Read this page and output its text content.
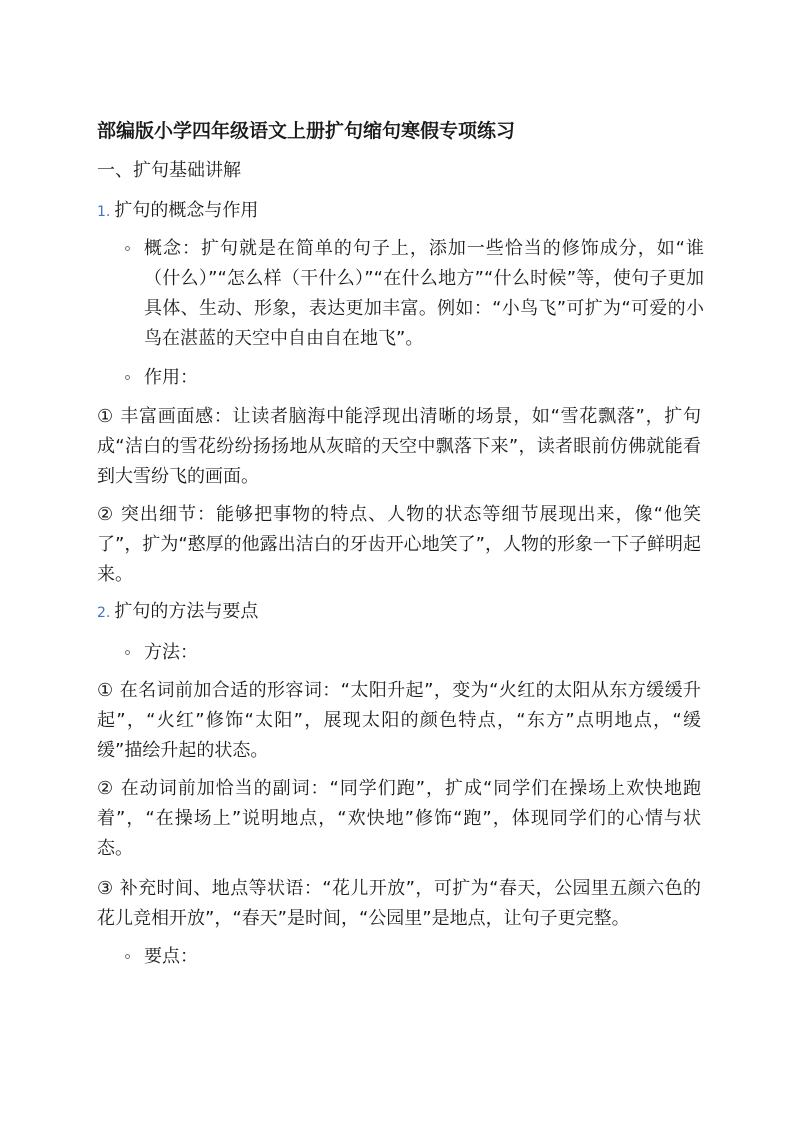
部编版小学四年级语文上册扩句缩句寒假专项练习
一、扩句基础讲解
1. 扩句的概念与作用
概念：扩句就是在简单的句子上，添加一些恰当的修饰成分，如“谁（什么）”“怎么样（干什么）”“在什么地方”“什么时候”等，使句子更加具体、生动、形象，表达更加丰富。例如：“小鸟飞”可扩为“可爱的小鸟在湛蓝的天空中自由自在地飞”。
作用：
① 丰富画面感：让读者脑海中能浮现出清晰的场景，如“雪花飘落”，扩句成“洁白的雪花纷纷扬扬地从灰暗的天空中飘落下来”，读者眼前仿佛就能看到大雪纷飞的画面。
② 突出细节：能够把事物的特点、人物的状态等细节展现出来，像“他笑了”，扩为“憨厚的他露出洁白的牙齿开心地笑了”，人物的形象一下子鲜明起来。
2. 扩句的方法与要点
方法：
① 在名词前加合适的形容词：“太阳升起”，变为“火红的太阳从东方缓缓升起”，“火红”修饰“太阳”，展现太阳的颜色特点，“东方”点明地点，“缓缓”描绘升起的状态。
② 在动词前加恰当的副词：“同学们跑”，扩成“同学们在操场上欢快地跑着”，“在操场上”说明地点，“欢快地”修饰“跑”，体现同学们的心情与状态。
③ 补充时间、地点等状语：“花儿开放”，可扩为“春天，公园里五颜六色的花儿竞相开放”，“春天”是时间，“公园里”是地点，让句子更完整。
要点：
